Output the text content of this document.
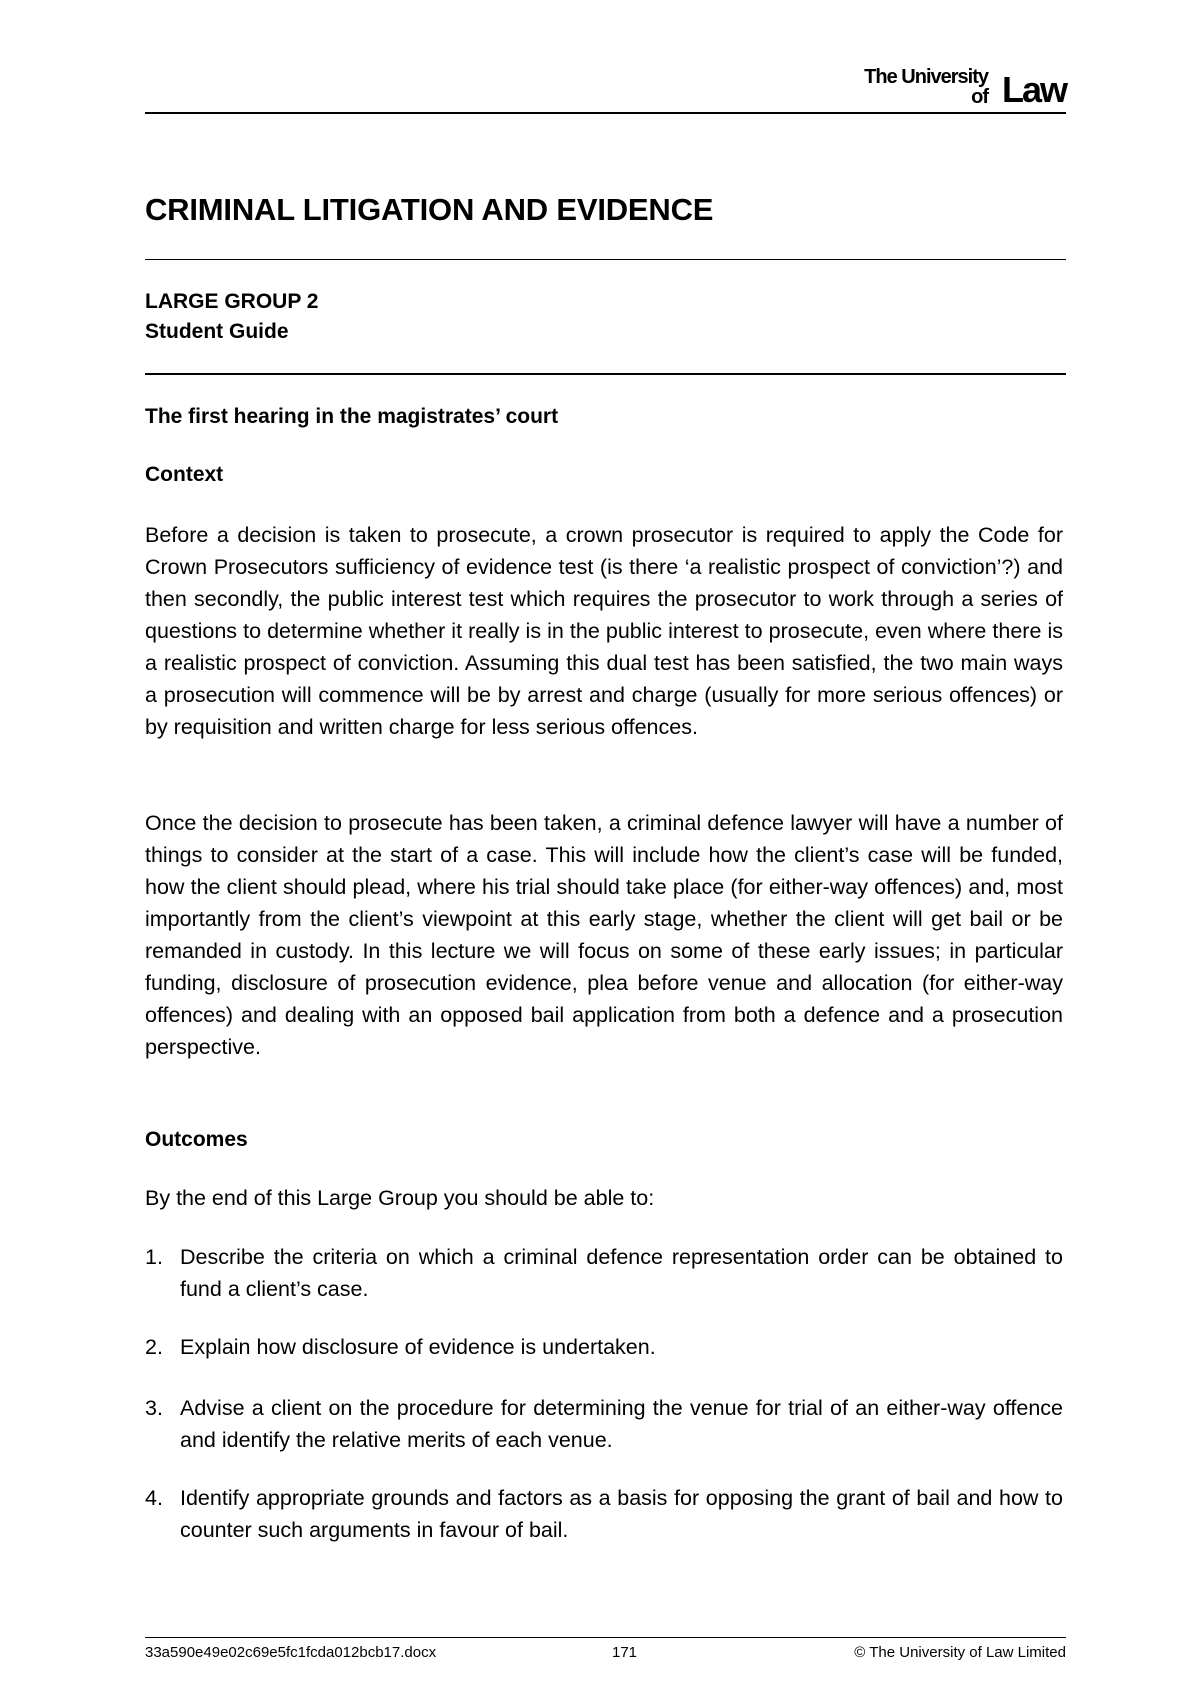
The University
of Law
CRIMINAL LITIGATION AND EVIDENCE
LARGE GROUP 2
Student Guide
The first hearing in the magistrates’ court
Context
Before a decision is taken to prosecute, a crown prosecutor is required to apply the Code for Crown Prosecutors sufficiency of evidence test (is there ‘a realistic prospect of conviction’?) and then secondly, the public interest test which requires the prosecutor to work through a series of questions to determine whether it really is in the public interest to prosecute, even where there is a realistic prospect of conviction. Assuming this dual test has been satisfied, the two main ways a prosecution will commence will be by arrest and charge (usually for more serious offences) or by requisition and written charge for less serious offences.
Once the decision to prosecute has been taken, a criminal defence lawyer will have a number of things to consider at the start of a case. This will include how the client’s case will be funded, how the client should plead, where his trial should take place (for either-way offences) and, most importantly from the client’s viewpoint at this early stage, whether the client will get bail or be remanded in custody. In this lecture we will focus on some of these early issues; in particular funding, disclosure of prosecution evidence, plea before venue and allocation (for either-way offences) and dealing with an opposed bail application from both a defence and a prosecution perspective.
Outcomes
By the end of this Large Group you should be able to:
1. Describe the criteria on which a criminal defence representation order can be obtained to fund a client’s case.
2. Explain how disclosure of evidence is undertaken.
3. Advise a client on the procedure for determining the venue for trial of an either-way offence and identify the relative merits of each venue.
4. Identify appropriate grounds and factors as a basis for opposing the grant of bail and how to counter such arguments in favour of bail.
33a590e49e02c69e5fc1fcda012bcb17.docx	171	© The University of Law Limited
